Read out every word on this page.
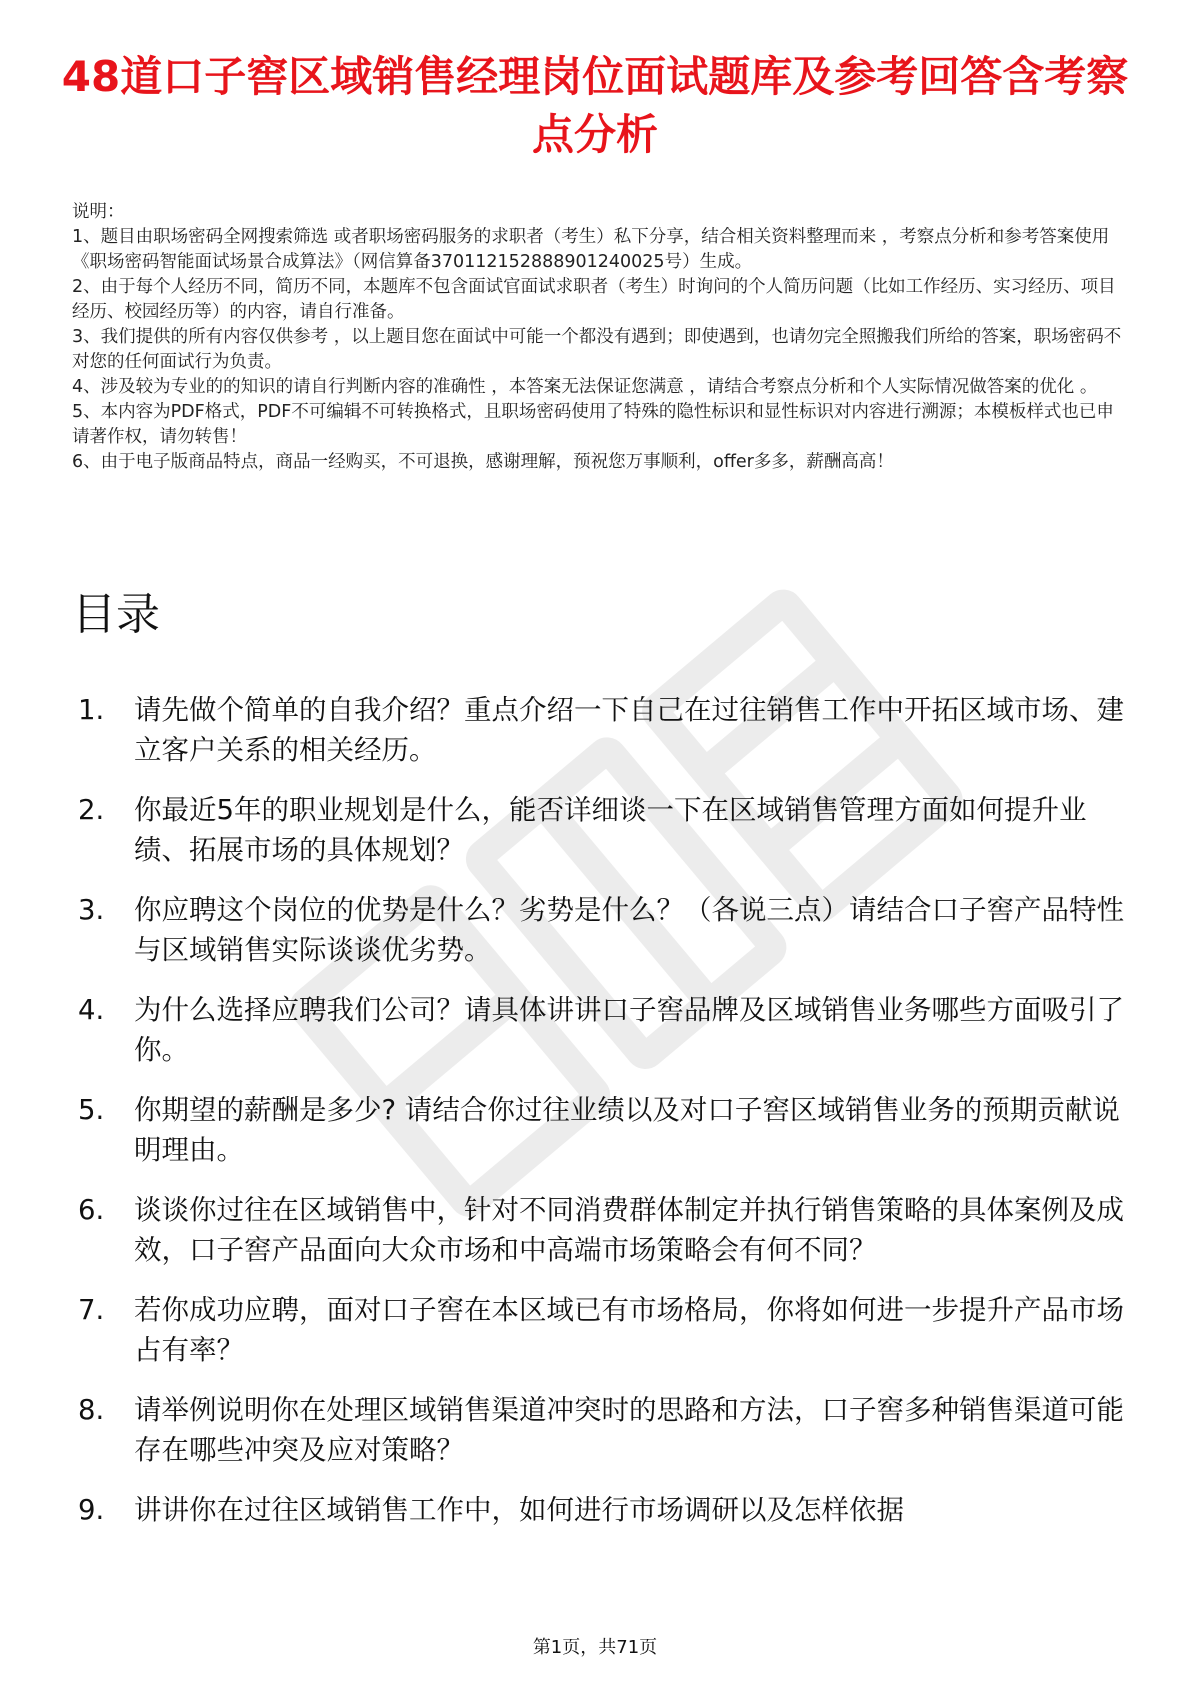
48道口子窖区域销售经理岗位面试题库及参考回答含考察点分析

说明：

1、题目由职场密码全网搜索筛选 或者职场密码服务的求职者（考生）私下分享，结合相关资料整理而来 ，考察点分析和参考答案使用《职场密码智能面试场景合成算法》（网信算备370112152888901240025号）生成。

2、由于每个人经历不同，简历不同，本题库不包含面试官面试求职者（考生）时询问的个人简历问题（比如工作经历、实习经历、项目经历、校园经历等）的内容，请自行准备。

3、我们提供的所有内容仅供参考 ，以上题目您在面试中可能一个都没有遇到；即使遇到，也请勿完全照搬我们所给的答案，职场密码不对您的任何面试行为负责。

4、涉及较为专业的的知识的请自行判断内容的准确性 ，本答案无法保证您满意 ，请结合考察点分析和个人实际情况做答案的优化 。

5、本内容为PDF格式，PDF不可编辑不可转换格式，且职场密码使用了特殊的隐性标识和显性标识对内容进行溯源；本模板样式也已申请著作权，请勿转售！

6、由于电子版商品特点，商品一经购买，不可退换，感谢理解，预祝您万事顺利，offer多多，薪酬高高！

目录
1.	请先做个简单的自我介绍？重点介绍一下自己在过往销售工作中开拓区域市场、建立客户关系的相关经历。
2.	你最近5年的职业规划是什么，能否详细谈一下在区域销售管理方面如何提升业绩、拓展市场的具体规划？
3.	你应聘这个岗位的优势是什么？劣势是什么？（各说三点）请结合口子窖产品特性与区域销售实际谈谈优劣势。
4.	为什么选择应聘我们公司？请具体讲讲口子窖品牌及区域销售业务哪些方面吸引了你。
5.	你期望的薪酬是多少? 请结合你过往业绩以及对口子窖区域销售业务的预期贡献说明理由。
6.	谈谈你过往在区域销售中，针对不同消费群体制定并执行销售策略的具体案例及成效，口子窖产品面向大众市场和中高端市场策略会有何不同？
7.	若你成功应聘，面对口子窖在本区域已有市场格局，你将如何进一步提升产品市场占有率？
8.	请举例说明你在处理区域销售渠道冲突时的思路和方法，口子窖多种销售渠道可能存在哪些冲突及应对策略？
9.	讲讲你在过往区域销售工作中，如何进行市场调研以及怎样依据
第1页，共71页
